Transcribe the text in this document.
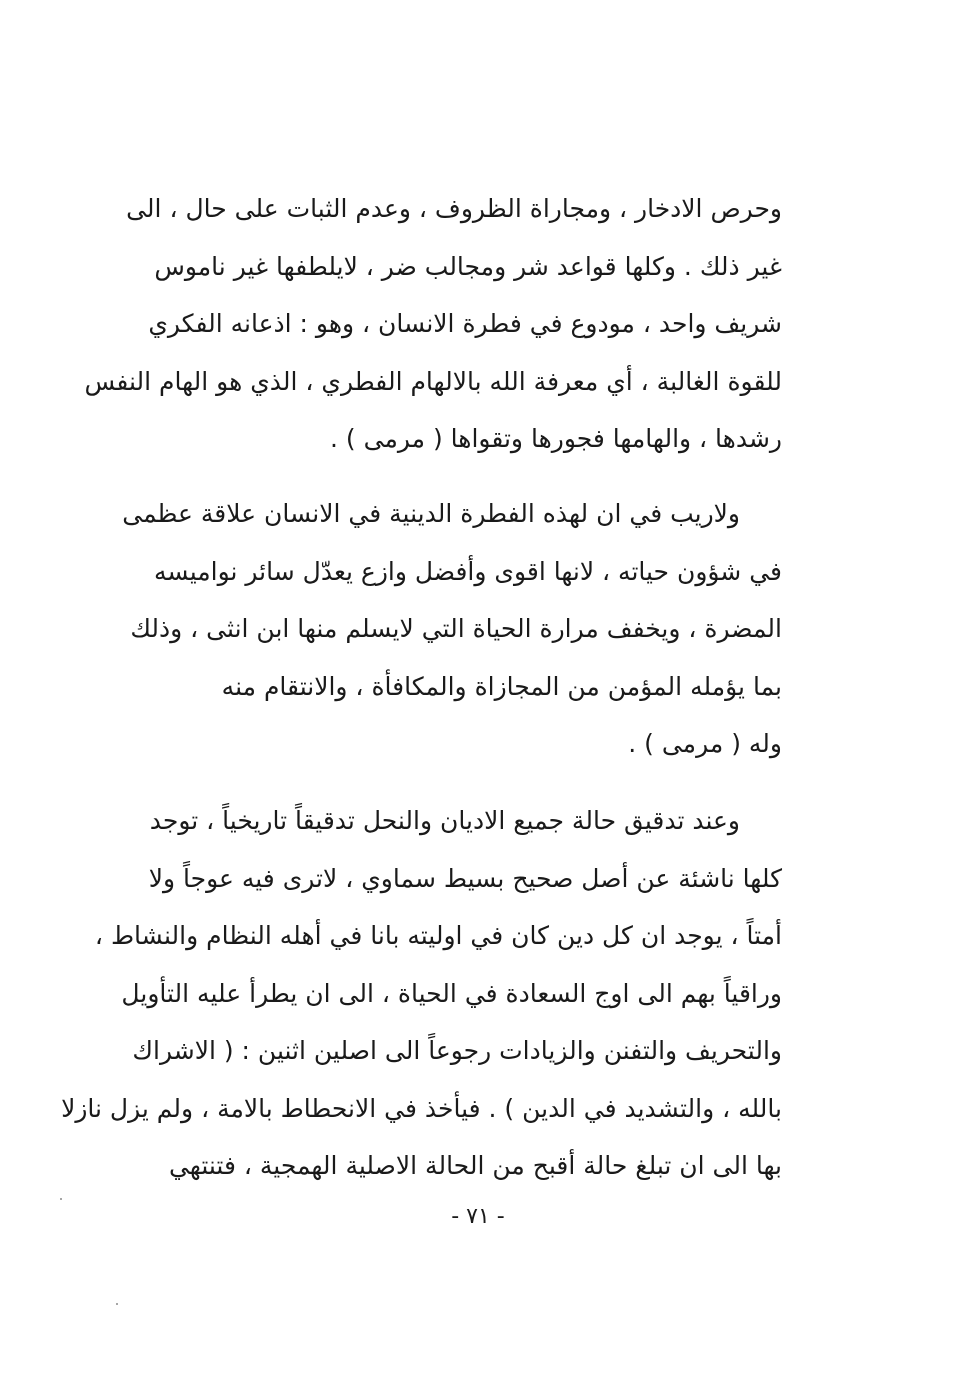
وحرص الادخار ، ومجاراة الظروف ، وعدم الثبات على حال ، الى
غير ذلك . وكلها قواعد شر ومجالب ضر ، لايلطفها غير ناموس
شريف واحد ، مودوع في فطرة الانسان ، وهو : اذعانه الفكري
للقوة الغالبة ، أي معرفة الله بالالهام الفطري ، الذي هو الهام النفس
رشدها ، والهامها فجورها وتقواها ( مرمى ) .

ولاريب في ان لهذه الفطرة الدينية في الانسان علاقة عظمى
في شؤون حياته ، لانها اقوى وأفضل وازع يعدّل سائر نواميسه
المضرة ، ويخفف مرارة الحياة التي لايسلم منها ابن انثى ، وذلك
بما يؤمله المؤمن من المجازاة والمكافأة ، والانتقام منه
وله ( مرمى ) .

وعند تدقيق حالة جميع الاديان والنحل تدقيقاً تاريخياً ، توجد
كلها ناشئة عن أصل صحيح بسيط سماوي ، لاترى فيه عوجاً ولا
أمتاً ، يوجد ان كل دين كان في اوليته بانا في أهله النظام والنشاط ،
وراقياً بهم الى اوج السعادة في الحياة ، الى ان يطرأ عليه التأويل
والتحريف والتفنن والزيادات رجوعاً الى اصلين اثنين : ( الاشراك
بالله ، والتشديد في الدين ) . فيأخذ في الانحطاط بالامة ، ولم يزل نازلا
بها الى ان تبلغ حالة أقبح من الحالة الاصلية الهمجية ، فتنتهي

- ٧١ -
